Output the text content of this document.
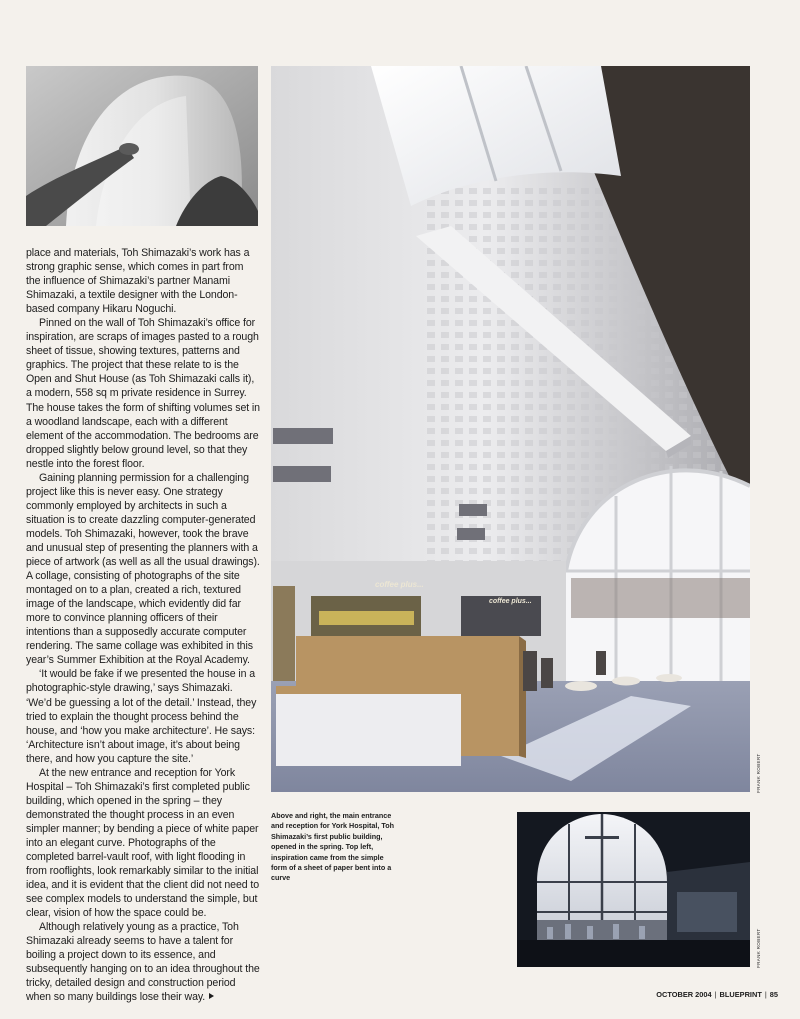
place and materials, Toh Shimazaki’s work has a strong graphic sense, which comes in part from the influence of Shimazaki’s partner Manami Shimazaki, a textile designer with the London-based company Hikaru Noguchi.

Pinned on the wall of Toh Shimazaki’s office for inspiration, are scraps of images pasted to a rough sheet of tissue, showing textures, patterns and graphics. The project that these relate to is the Open and Shut House (as Toh Shimazaki calls it), a modern, 558 sq m private residence in Surrey. The house takes the form of shifting volumes set in a woodland landscape, each with a different element of the accommodation. The bedrooms are dropped slightly below ground level, so that they nestle into the forest floor.

Gaining planning permission for a challenging project like this is never easy. One strategy commonly employed by architects in such a situation is to create dazzling computer-generated models. Toh Shimazaki, however, took the brave and unusual step of presenting the planners with a piece of artwork (as well as all the usual drawings). A collage, consisting of photographs of the site montaged on to a plan, created a rich, textured image of the landscape, which evidently did far more to convince planning officers of their intentions than a supposedly accurate computer rendering. The same collage was exhibited in this year’s Summer Exhibition at the Royal Academy.

‘It would be fake if we presented the house in a photographic-style drawing,’ says Shimazaki. ‘We’d be guessing a lot of the detail.’ Instead, they tried to explain the thought process behind the house, and ‘how you make architecture’. He says: ‘Architecture isn’t about image, it’s about being there, and how you capture the site.’

At the new entrance and reception for York Hospital – Toh Shimazaki’s first completed public building, which opened in the spring – they demonstrated the thought process in an even simpler manner; by bending a piece of white paper into an elegant curve. Photographs of the completed barrel-vault roof, with light flooding in from rooflights, look remarkably similar to the initial idea, and it is evident that the client did not need to see complex models to understand the simple, but clear, vision of how the space could be.

Although relatively young as a practice, Toh Shimazaki already seems to have a talent for boiling a project down to its essence, and subsequently hanging on to an idea throughout the tricky, detailed design and construction period when so many buildings lose their way.

coffee plus...
coffee plus...
FRANK ROBERT
Above and right, the main entrance and reception for York Hospital, Toh Shimazaki’s first public building, opened in the spring. Top left, inspiration came from the simple form of a sheet of paper bent into a curve
FRANK ROBERT
OCTOBER 2004 | BLUEPRINT | 85
